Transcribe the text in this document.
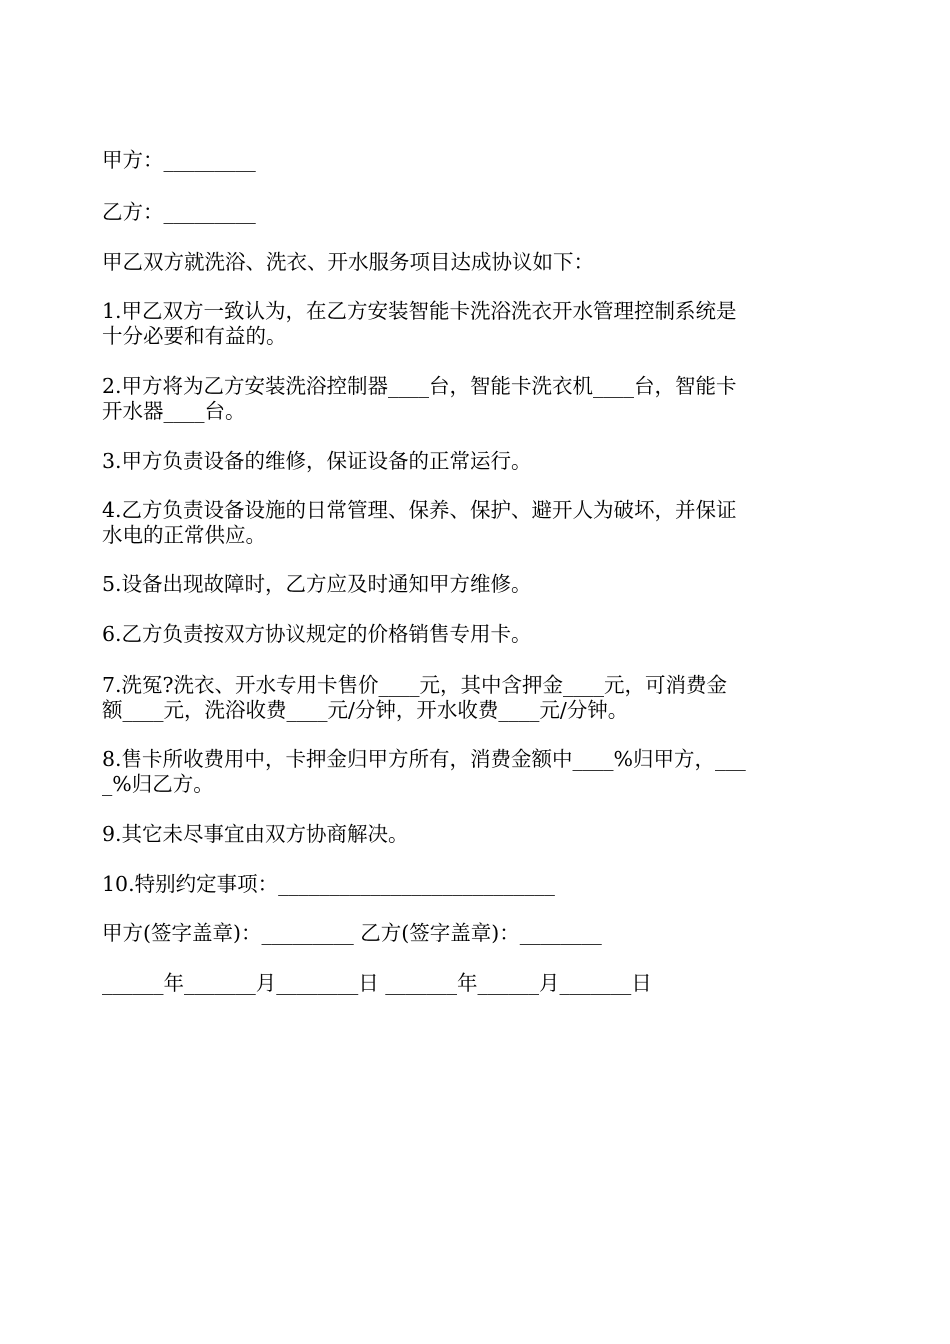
甲方：_________

乙方：_________

甲乙双方就洗浴、洗衣、开水服务项目达成协议如下：

1.甲乙双方一致认为，在乙方安装智能卡洗浴洗衣开水管理控制系统是

十分必要和有益的。

2.甲方将为乙方安装洗浴控制器____台，智能卡洗衣机____台，智能卡

开水器____台。

3.甲方负责设备的维修，保证设备的正常运行。

4.乙方负责设备设施的日常管理、保养、保护、避开人为破坏，并保证

水电的正常供应。

5.设备出现故障时，乙方应及时通知甲方维修。

6.乙方负责按双方协议规定的价格销售专用卡。

7.洗冤?洗衣、开水专用卡售价____元，其中含押金____元，可消费金

额____元，洗浴收费____元/分钟，开水收费____元/分钟。

8.售卡所收费用中，卡押金归甲方所有，消费金额中____%归甲方，___

_%归乙方。

9.其它未尽事宜由双方协商解决。

10.特别约定事项：___________________________

甲方(签字盖章)：_________ 乙方(签字盖章)：________

______年_______月________日 _______年______月_______日
